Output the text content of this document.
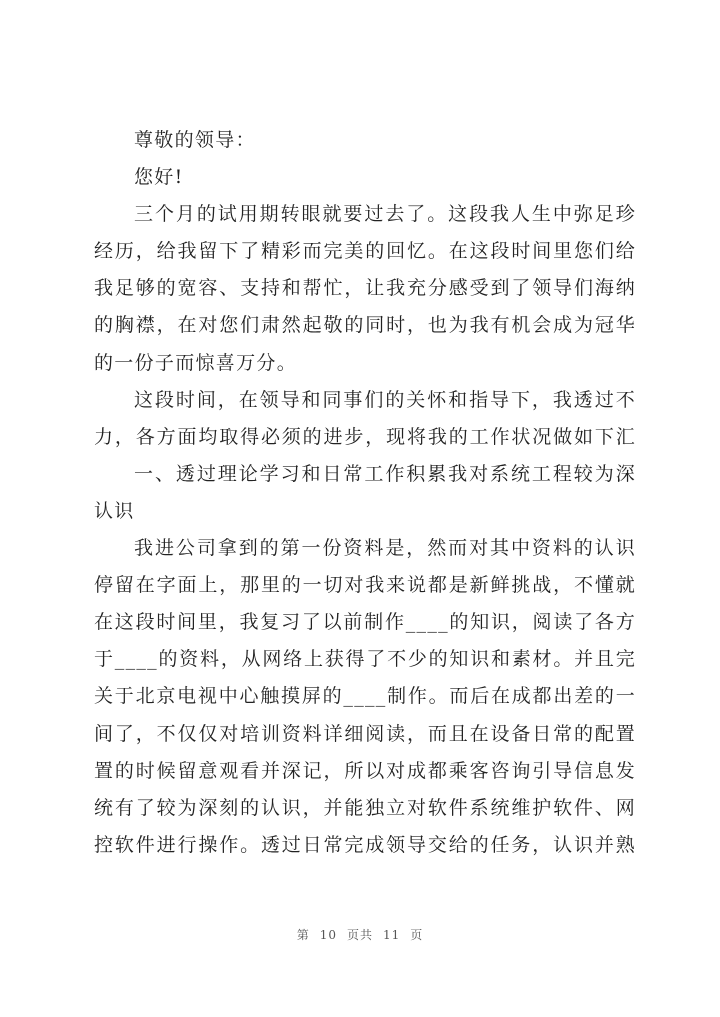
尊敬的领导：
您好!
三个月的试用期转眼就要过去了。这段我人生中弥足珍
经历，给我留下了精彩而完美的回忆。在这段时间里您们给
我足够的宽容、支持和帮忙，让我充分感受到了领导们海纳
的胸襟，在对您们肃然起敬的同时，也为我有机会成为冠华
的一份子而惊喜万分。
这段时间，在领导和同事们的关怀和指导下，我透过不
力，各方面均取得必须的进步，现将我的工作状况做如下汇
一、透过理论学习和日常工作积累我对系统工程较为深
认识
我进公司拿到的第一份资料是，然而对其中资料的认识
停留在字面上，那里的一切对我来说都是新鲜挑战，不懂就
在这段时间里，我复习了以前制作____的知识，阅读了各方
于____的资料，从网络上获得了不少的知识和素材。并且完
关于北京电视中心触摸屏的____制作。而后在成都出差的一
间了，不仅仅对培训资料详细阅读，而且在设备日常的配置
置的时候留意观看并深记，所以对成都乘客咨询引导信息发
统有了较为深刻的认识，并能独立对软件系统维护软件、网
控软件进行操作。透过日常完成领导交给的任务，认识并熟
第 10 页共 11 页
